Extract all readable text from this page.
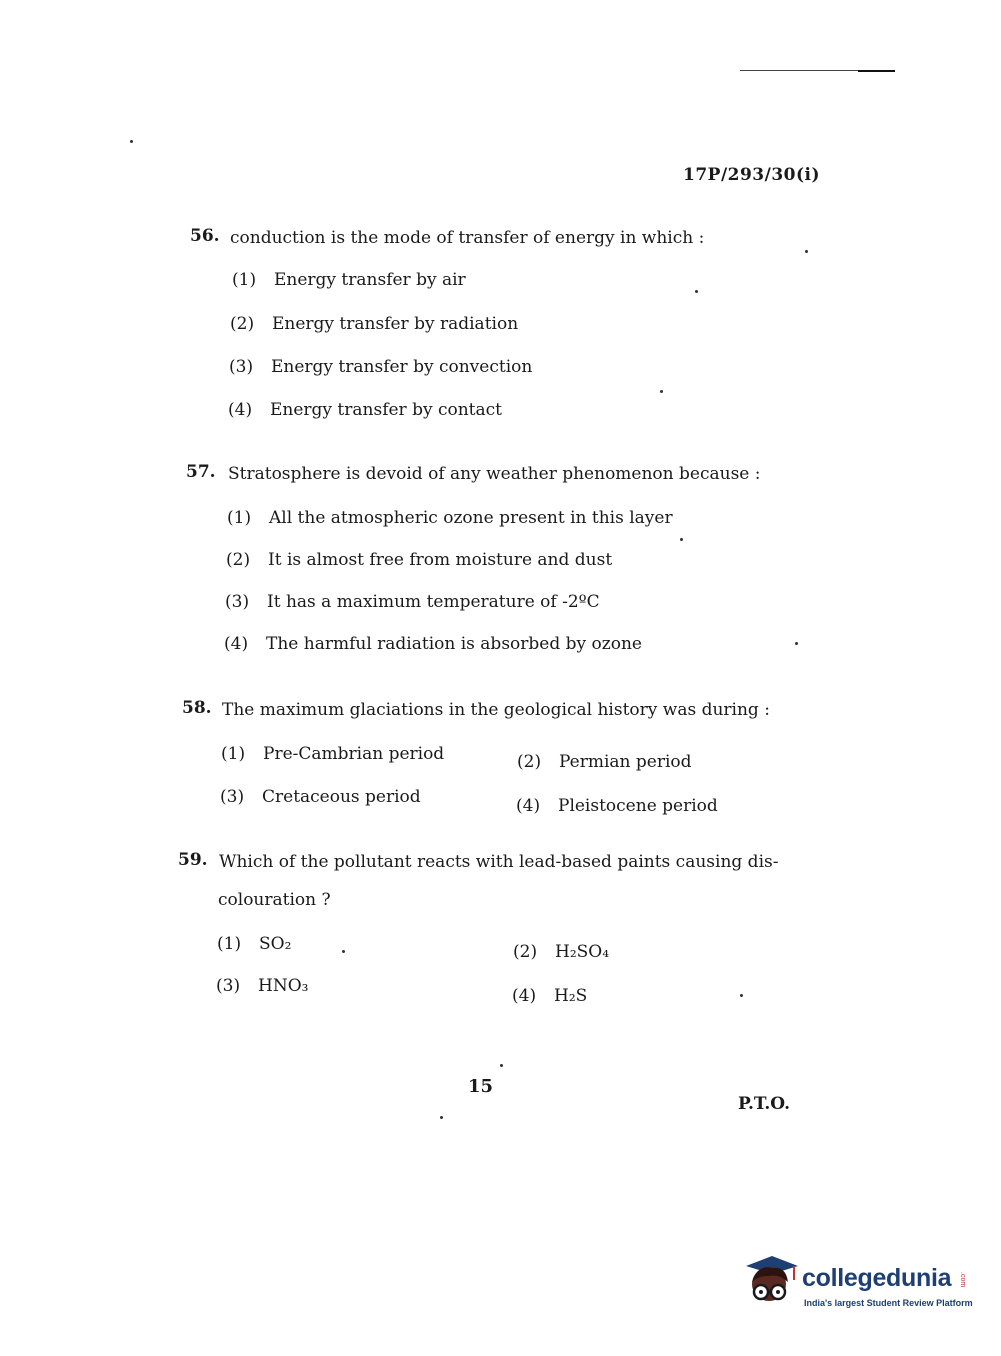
17P/293/30(i)
56. conduction is the mode of transfer of energy in which :
(1) Energy transfer by air
(2) Energy transfer by radiation
(3) Energy transfer by convection
(4) Energy transfer by contact
57. Stratosphere is devoid of any weather phenomenon because :
(1) All the atmospheric ozone present in this layer
(2) It is almost free from moisture and dust
(3) It has a maximum temperature of -2ºC
(4) The harmful radiation is absorbed by ozone
58. The maximum glaciations in the geological history was during :
(1) Pre-Cambrian period	(2) Permian period
(3) Cretaceous period	(4) Pleistocene period
59. Which of the pollutant reacts with lead-based paints causing dis-
colouration ?
(1) SO₂	(2) H₂SO₄
(3) HNO₃	(4) H₂S
15
P.T.O.
collegedunia .com
India's largest Student Review Platform
